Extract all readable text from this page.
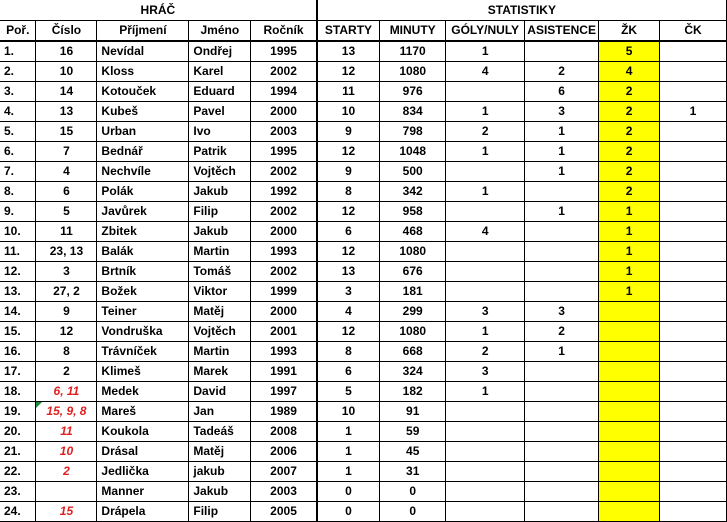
HRÁČ					STATISTIKY					
Poř.	Číslo	Příjmení	Jméno	Ročník	STARTY	MINUTY	GÓLY/NULY	ASISTENCE	ŽK	ČK
1.	16	Nevídal	Ondřej	1995	13	1170	1		5	
2.	10	Kloss	Karel	2002	12	1080	4	2	4	
3.	14	Kotouček	Eduard	1994	11	976		6	2	
4.	13	Kubeš	Pavel	2000	10	834	1	3	2	1
5.	15	Urban	Ivo	2003	9	798	2	1	2	
6.	7	Bednář	Patrik	1995	12	1048	1	1	2	
7.	4	Nechvíle	Vojtěch	2002	9	500		1	2	
8.	6	Polák	Jakub	1992	8	342	1		2	
9.	5	Javůrek	Filip	2002	12	958		1	1	
10.	11	Zbitek	Jakub	2000	6	468	4		1	
11.	23, 13	Balák	Martin	1993	12	1080			1	
12.	3	Brtník	Tomáš	2002	13	676			1	
13.	27, 2	Božek	Viktor	1999	3	181			1	
14.	9	Teiner	Matěj	2000	4	299	3	3		
15.	12	Vondruška	Vojtěch	2001	12	1080	1	2		
16.	8	Trávníček	Martin	1993	8	668	2	1		
17.	2	Klimeš	Marek	1991	6	324	3			
18.	6, 11	Medek	David	1997	5	182	1			
19.	15, 9, 8	Mareš	Jan	1989	10	91				
20.	11	Koukola	Tadeáš	2008	1	59				
21.	10	Drásal	Matěj	2006	1	45				
22.	2	Jedlička	jakub	2007	1	31				
23.		Manner	Jakub	2003	0	0				
24.	15	Drápela	Filip	2005	0	0				
